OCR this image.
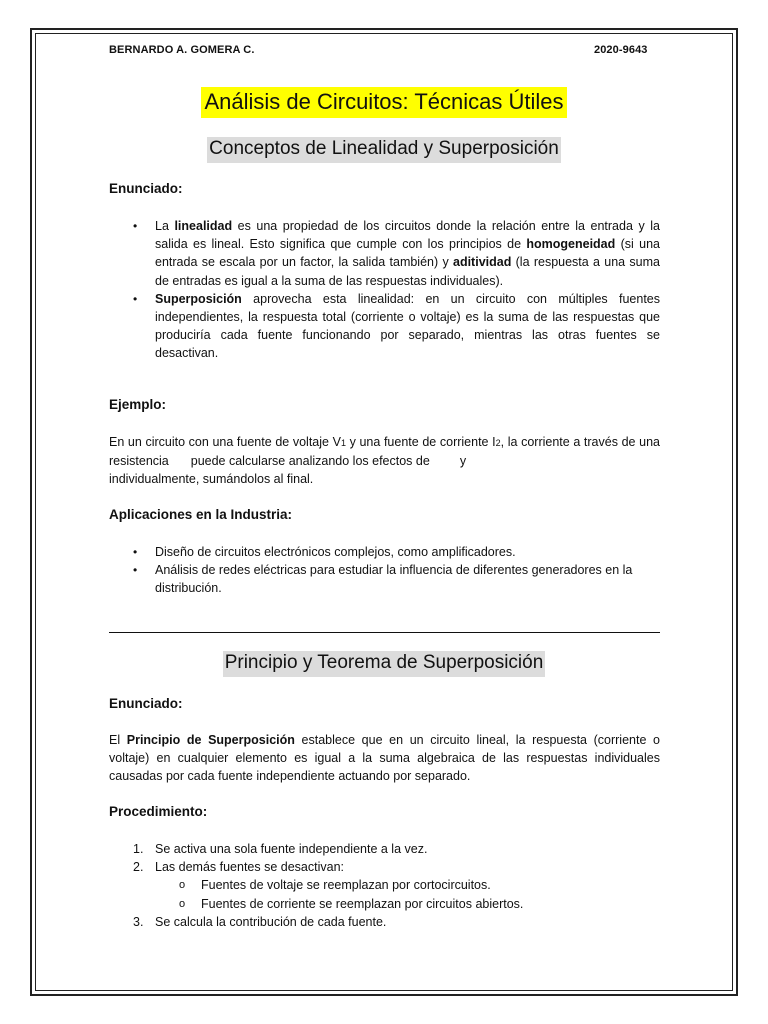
BERNARDO A. GOMERA C.	2020-9643
Análisis de Circuitos: Técnicas Útiles
Conceptos de Linealidad y Superposición
Enunciado:
• La linealidad es una propiedad de los circuitos donde la relación entre la entrada y la salida es lineal. Esto significa que cumple con los principios de homogeneidad (si una entrada se escala por un factor, la salida también) y aditividad (la respuesta a una suma de entradas es igual a la suma de las respuestas individuales).
• Superposición aprovecha esta linealidad: en un circuito con múltiples fuentes independientes, la respuesta total (corriente o voltaje) es la suma de las respuestas que produciría cada fuente funcionando por separado, mientras las otras fuentes se desactivan.
Ejemplo:
En un circuito con una fuente de voltaje V1 y una fuente de corriente I2, la corriente a través de una resistencia puede calcularse analizando los efectos de y
individualmente, sumándolos al final.
Aplicaciones en la Industria:
• Diseño de circuitos electrónicos complejos, como amplificadores.
• Análisis de redes eléctricas para estudiar la influencia de diferentes generadores en la distribución.
Principio y Teorema de Superposición
Enunciado:
El Principio de Superposición establece que en un circuito lineal, la respuesta (corriente o voltaje) en cualquier elemento es igual a la suma algebraica de las respuestas individuales causadas por cada fuente independiente actuando por separado.
Procedimiento:
1. Se activa una sola fuente independiente a la vez.
2. Las demás fuentes se desactivan:
o Fuentes de voltaje se reemplazan por cortocircuitos.
o Fuentes de corriente se reemplazan por circuitos abiertos.
3. Se calcula la contribución de cada fuente.
